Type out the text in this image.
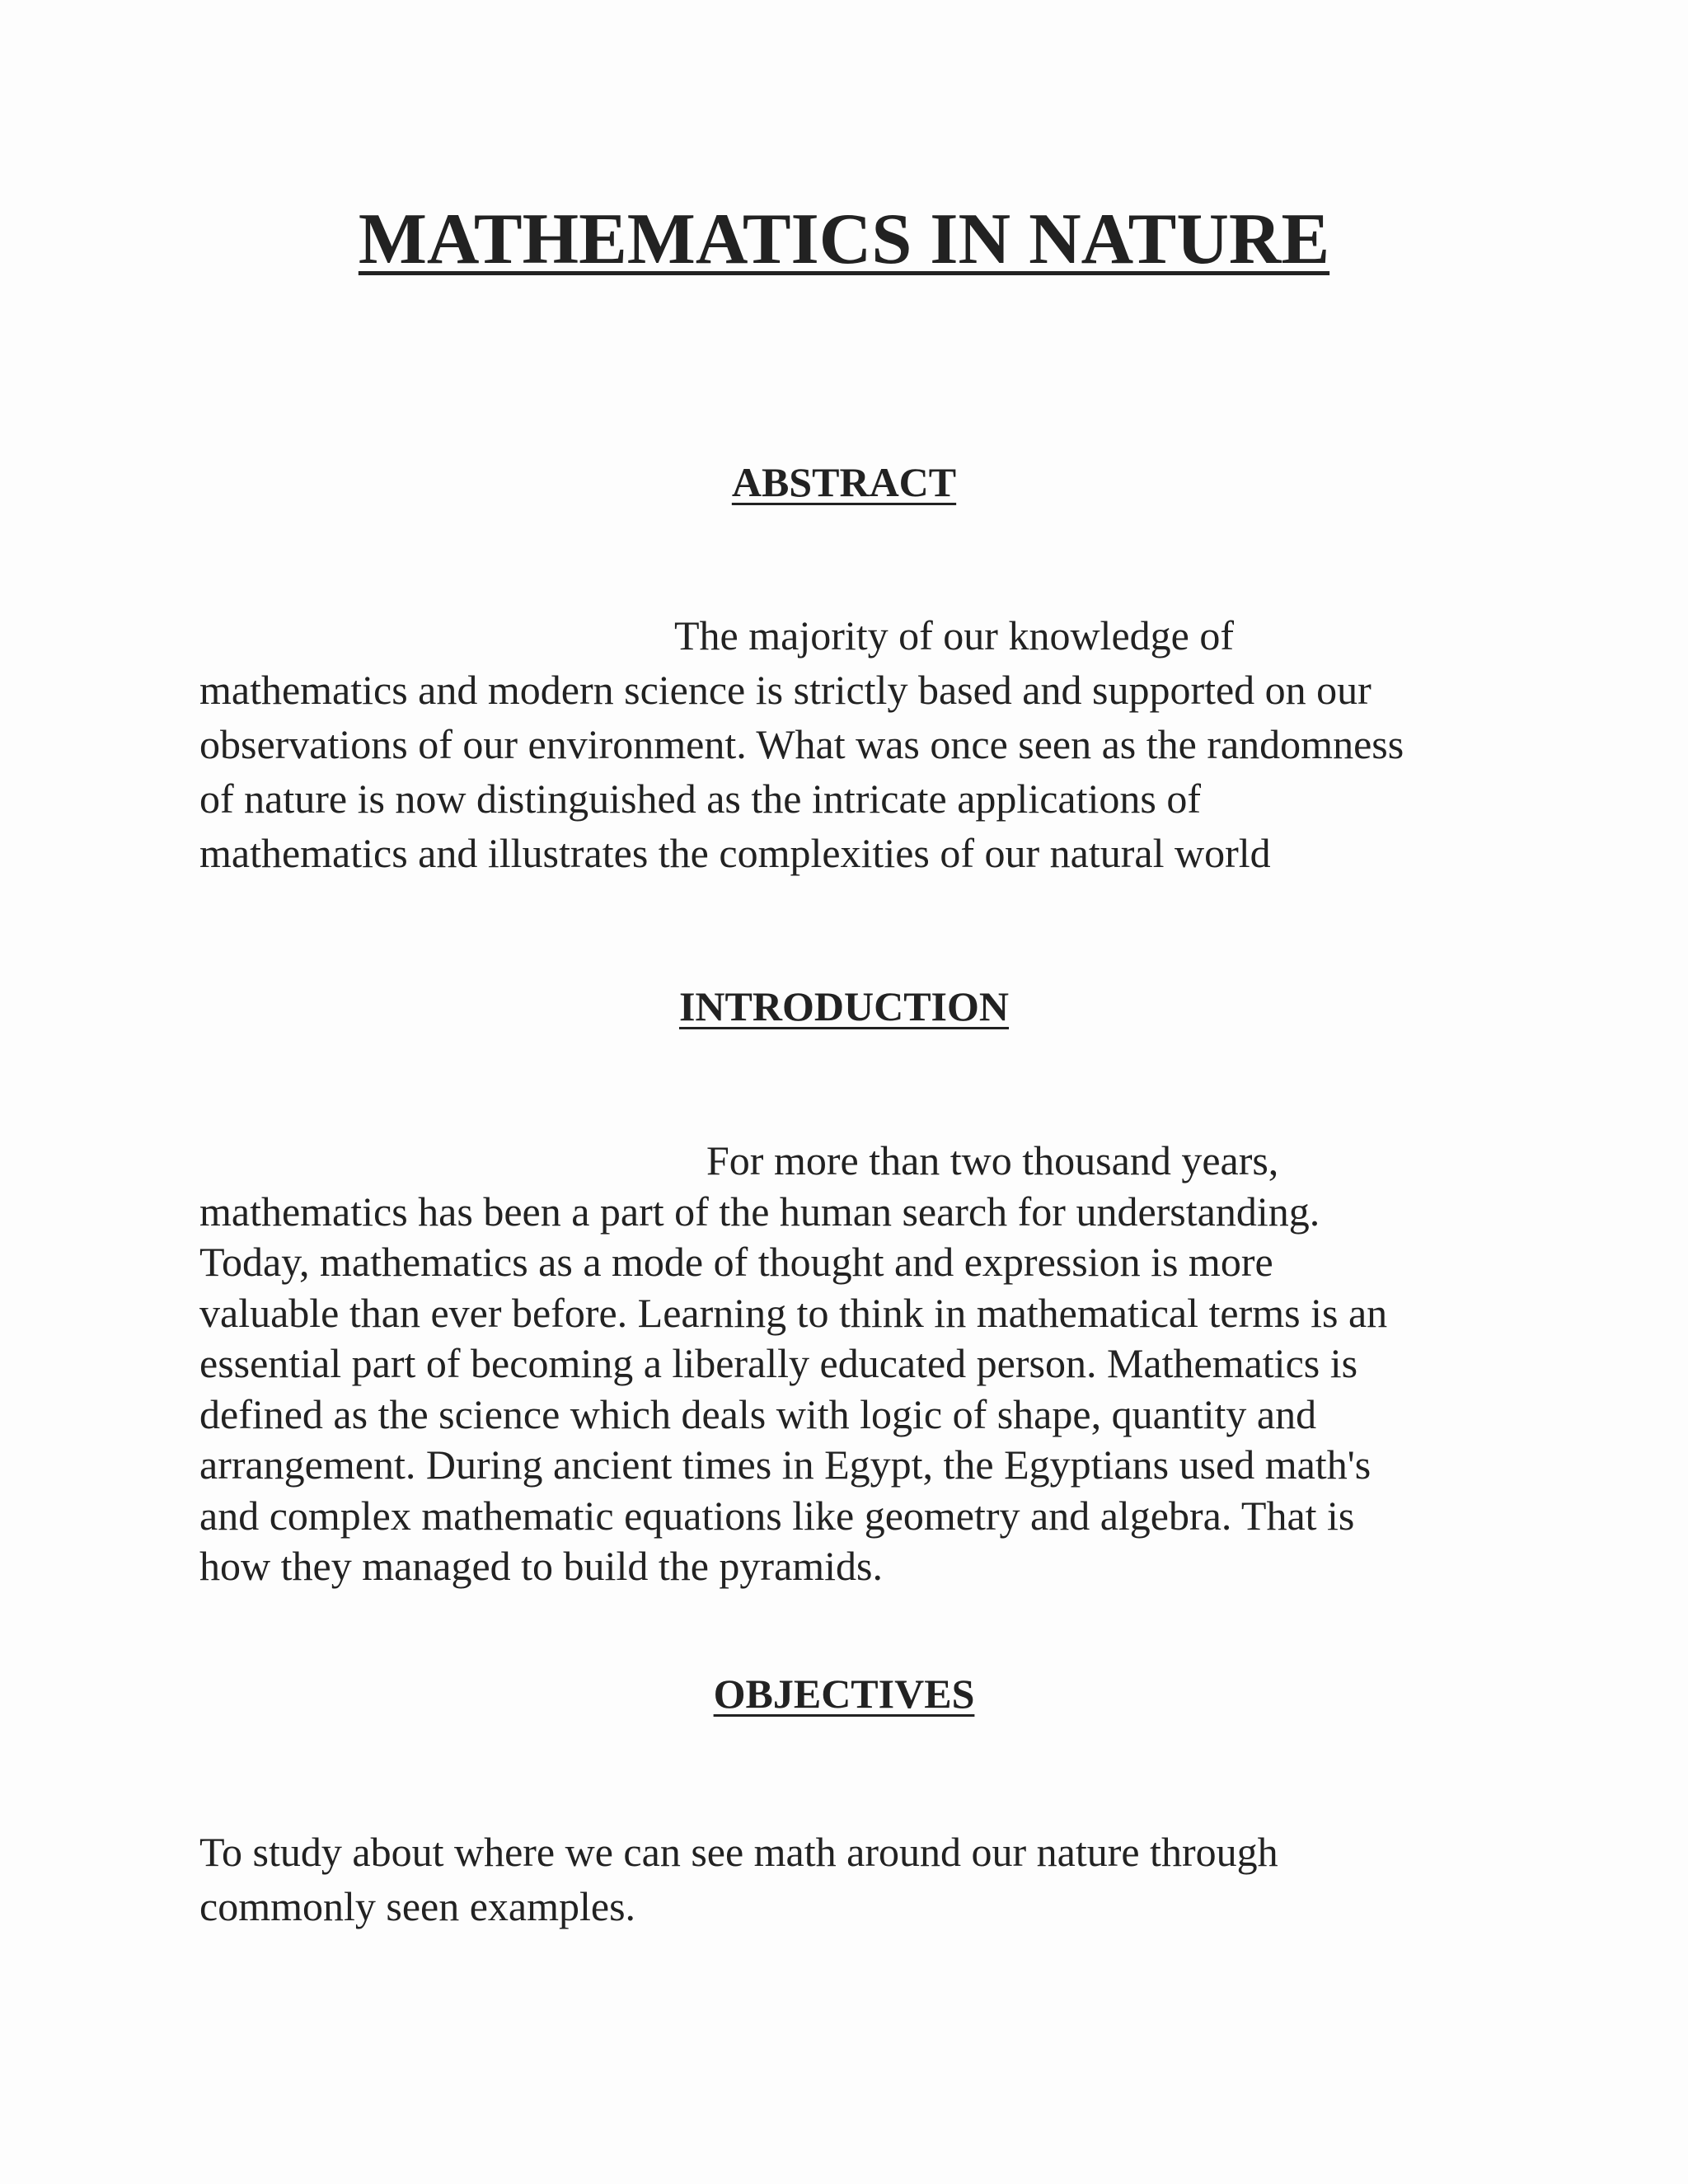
MATHEMATICS IN NATURE
ABSTRACT
The majority of our knowledge of
mathematics and modern science is strictly based and supported on our
observations of our environment. What was once seen as the randomness
of nature is now distinguished as the intricate applications of
mathematics and illustrates the complexities of our natural world
INTRODUCTION
For more than two thousand years,
mathematics has been a part of the human search for understanding.
Today, mathematics as a mode of thought and expression is more
valuable than ever before. Learning to think in mathematical terms is an
essential part of becoming a liberally educated person. Mathematics is
defined as the science which deals with logic of shape, quantity and
arrangement. During ancient times in Egypt, the Egyptians used math's
and complex mathematic equations like geometry and algebra. That is
how they managed to build the pyramids.
OBJECTIVES
To study about where we can see math around our nature through
commonly seen examples.
